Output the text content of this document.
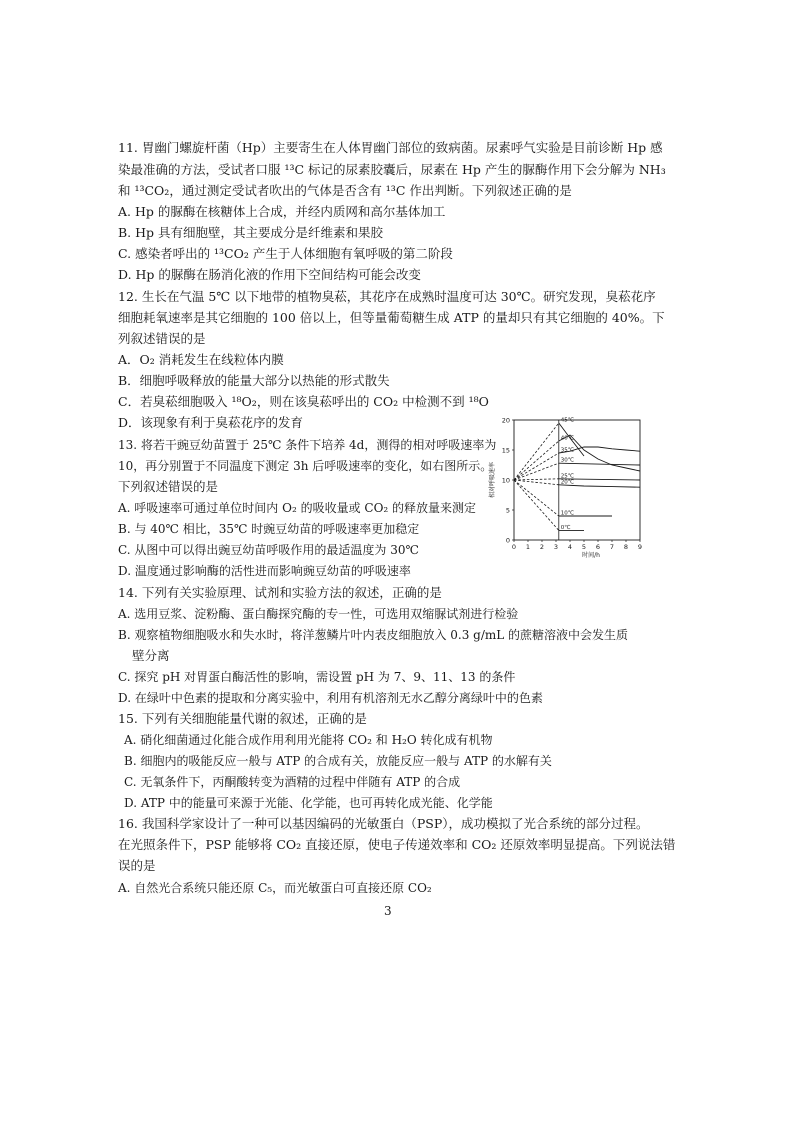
11. 胃幽门螺旋杆菌（Hp）主要寄生在人体胃幽门部位的致病菌。尿素呼气实验是目前诊断 Hp 感
染最准确的方法，受试者口服 ¹³C 标记的尿素胶囊后，尿素在 Hp 产生的脲酶作用下会分解为 NH₃
和 ¹³CO₂，通过测定受试者吹出的气体是否含有 ¹³C 作出判断。下列叙述正确的是
A. Hp 的脲酶在核糖体上合成，并经内质网和高尔基体加工
B. Hp 具有细胞壁，其主要成分是纤维素和果胶
C. 感染者呼出的 ¹³CO₂ 产生于人体细胞有氧呼吸的第二阶段
D. Hp 的脲酶在肠消化液的作用下空间结构可能会改变
12. 生长在气温 5℃ 以下地带的植物臭菘，其花序在成熟时温度可达 30℃。研究发现，臭菘花序
细胞耗氧速率是其它细胞的 100 倍以上，但等量葡萄糖生成 ATP 的量却只有其它细胞的 40%。下
列叙述错误的是
A．O₂ 消耗发生在线粒体内膜
B．细胞呼吸释放的能量大部分以热能的形式散失
C．若臭菘细胞吸入 ¹⁸O₂，则在该臭菘呼出的 CO₂ 中检测不到 ¹⁸O
D．该现象有利于臭菘花序的发育
13. 将若干豌豆幼苗置于 25℃ 条件下培养 4d，测得的相对呼吸速率为
10，再分别置于不同温度下测定 3h 后呼吸速率的变化，如右图所示。
下列叙述错误的是
A. 呼吸速率可通过单位时间内 O₂ 的吸收量或 CO₂ 的释放量来测定
B. 与 40℃ 相比，35℃ 时豌豆幼苗的呼吸速率更加稳定
C. 从图中可以得出豌豆幼苗呼吸作用的最适温度为 30℃
D. 温度通过影响酶的活性进而影响豌豆幼苗的呼吸速率
0 1 2 3 4 5 6 7 8 9
0
5
10
15
20
时间/h
相对呼吸速率
45℃
40℃
35℃
30℃
25℃
20℃
10℃
0℃
14. 下列有关实验原理、试剂和实验方法的叙述，正确的是
A. 选用豆浆、淀粉酶、蛋白酶探究酶的专一性，可选用双缩脲试剂进行检验
B. 观察植物细胞吸水和失水时，将洋葱鳞片叶内表皮细胞放入 0.3 g/mL 的蔗糖溶液中会发生质
壁分离
C. 探究 pH 对胃蛋白酶活性的影响，需设置 pH 为 7、9、11、13 的条件
D. 在绿叶中色素的提取和分离实验中，利用有机溶剂无水乙醇分离绿叶中的色素
15. 下列有关细胞能量代谢的叙述，正确的是
A. 硝化细菌通过化能合成作用利用光能将 CO₂ 和 H₂O 转化成有机物
B. 细胞内的吸能反应一般与 ATP 的合成有关，放能反应一般与 ATP 的水解有关
C. 无氧条件下，丙酮酸转变为酒精的过程中伴随有 ATP 的合成
D. ATP 中的能量可来源于光能、化学能，也可再转化成光能、化学能
16. 我国科学家设计了一种可以基因编码的光敏蛋白（PSP），成功模拟了光合系统的部分过程。
在光照条件下，PSP 能够将 CO₂ 直接还原，使电子传递效率和 CO₂ 还原效率明显提高。下列说法错
误的是
A. 自然光合系统只能还原 C₅，而光敏蛋白可直接还原 CO₂
3
